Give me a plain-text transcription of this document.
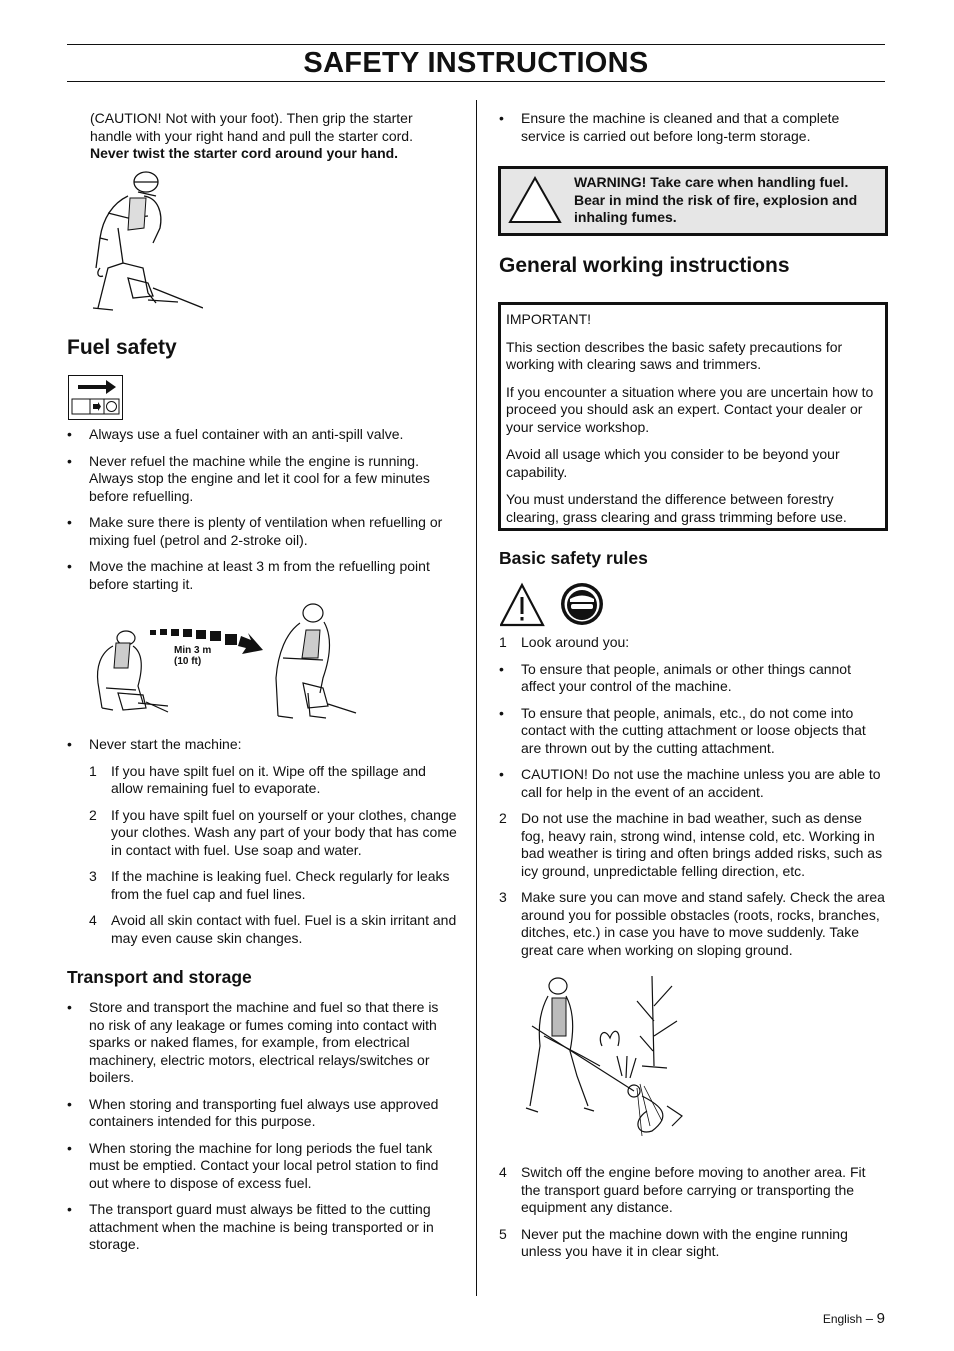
SAFETY INSTRUCTIONS
(CAUTION! Not with your foot). Then grip the starter handle with your right hand and pull the starter cord.
Never twist the starter cord around your hand.
Fuel safety
• Always use a fuel container with an anti-spill valve.
• Never refuel the machine while the engine is running. Always stop the engine and let it cool for a few minutes before refuelling.
• Make sure there is plenty of ventilation when refuelling or mixing fuel (petrol and 2-stroke oil).
• Move the machine at least 3 m from the refuelling point before starting it.
Min 3 m
(10 ft)
• Never start the machine:
1 If you have spilt fuel on it. Wipe off the spillage and allow remaining fuel to evaporate.
2 If you have spilt fuel on yourself or your clothes, change your clothes. Wash any part of your body that has come in contact with fuel. Use soap and water.
3 If the machine is leaking fuel. Check regularly for leaks from the fuel cap and fuel lines.
4 Avoid all skin contact with fuel. Fuel is a skin irritant and may even cause skin changes.
Transport and storage
• Store and transport the machine and fuel so that there is no risk of any leakage or fumes coming into contact with sparks or naked flames, for example, from electrical machinery, electric motors, electrical relays/switches or boilers.
• When storing and transporting fuel always use approved containers intended for this purpose.
• When storing the machine for long periods the fuel tank must be emptied. Contact your local petrol station to find out where to dispose of excess fuel.
• The transport guard must always be fitted to the cutting attachment when the machine is being transported or in storage.
• Ensure the machine is cleaned and that a complete service is carried out before long-term storage.
WARNING! Take care when handling fuel. Bear in mind the risk of fire, explosion and inhaling fumes.
General working instructions

IMPORTANT!

This section describes the basic safety precautions for working with clearing saws and trimmers.

If you encounter a situation where you are uncertain how to proceed you should ask an expert. Contact your dealer or your service workshop.

Avoid all usage which you consider to be beyond your capability.

You must understand the difference between forestry clearing, grass clearing and grass trimming before use.

Basic safety rules
1 Look around you:
• To ensure that people, animals or other things cannot affect your control of the machine.
• To ensure that people, animals, etc., do not come into contact with the cutting attachment or loose objects that are thrown out by the cutting attachment.
• CAUTION! Do not use the machine unless you are able to call for help in the event of an accident.
2 Do not use the machine in bad weather, such as dense fog, heavy rain, strong wind, intense cold, etc. Working in bad weather is tiring and often brings added risks, such as icy ground, unpredictable felling direction, etc.
3 Make sure you can move and stand safely. Check the area around you for possible obstacles (roots, rocks, branches, ditches, etc.) in case you have to move suddenly. Take great care when working on sloping ground.
4 Switch off the engine before moving to another area. Fit the transport guard before carrying or transporting the equipment any distance.
5 Never put the machine down with the engine running unless you have it in clear sight.
English – 9
